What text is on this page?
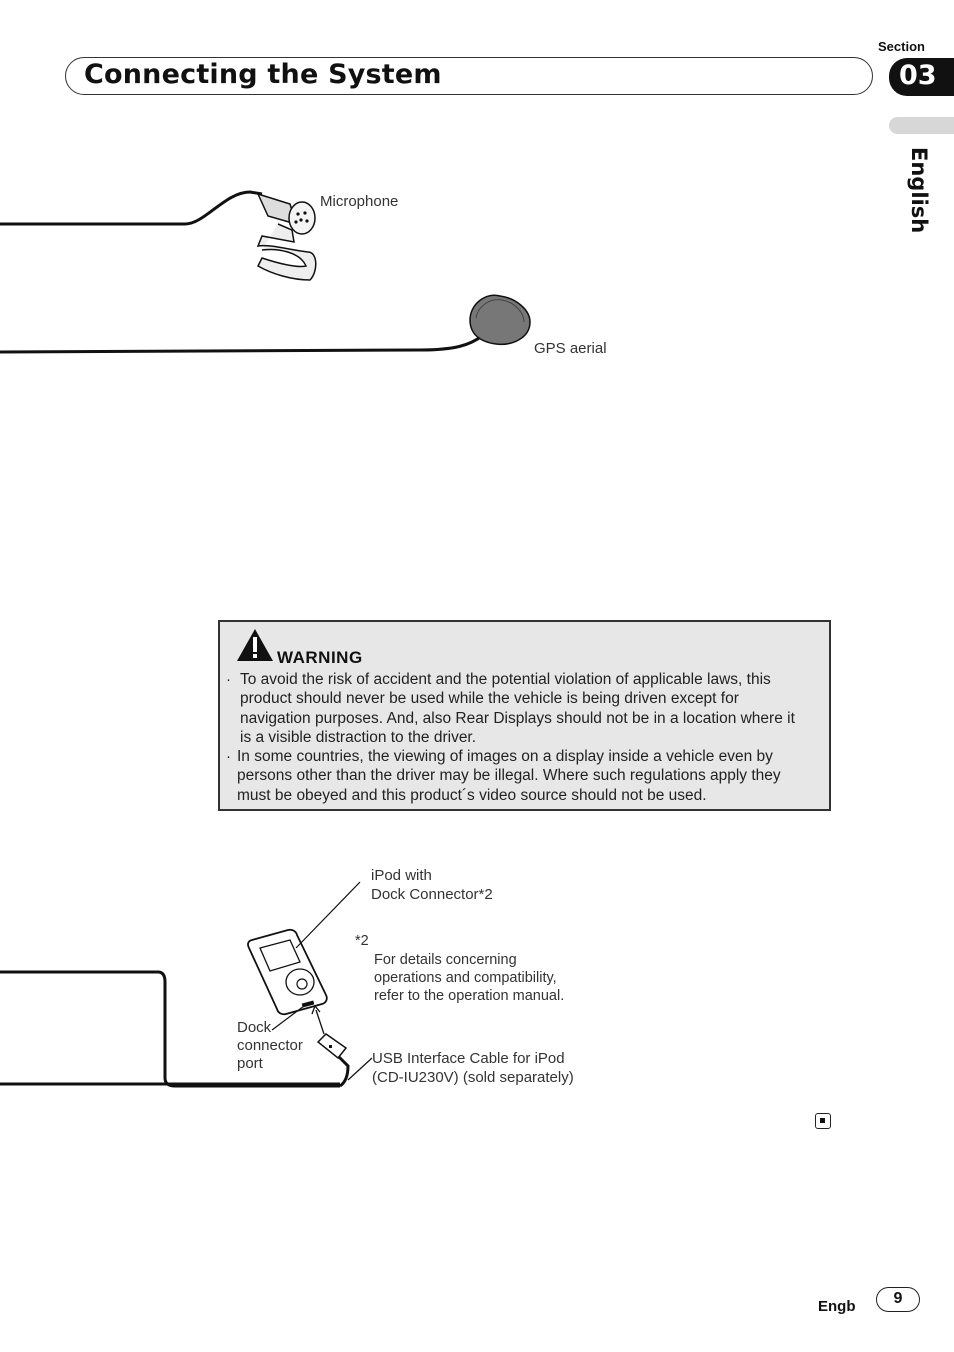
Connecting the System
Section
03
English
Microphone
GPS aerial
WARNING
· To avoid the risk of accident and the potential violation of applicable laws, this
product should never be used while the vehicle is being driven except for
navigation purposes. And, also Rear Displays should not be in a location where it
is a visible distraction to the driver.
· In some countries, the viewing of images on a display inside a vehicle even by
persons other than the driver may be illegal. Where such regulations apply they
must be obeyed and this product´s video source should not be used.
iPod with
Dock Connector*2
*2
For details concerning
operations and compatibility,
refer to the operation manual.
Dock
connector
port	USB Interface Cable for iPod
(CD-IU230V) (sold separately)
Engb	9
